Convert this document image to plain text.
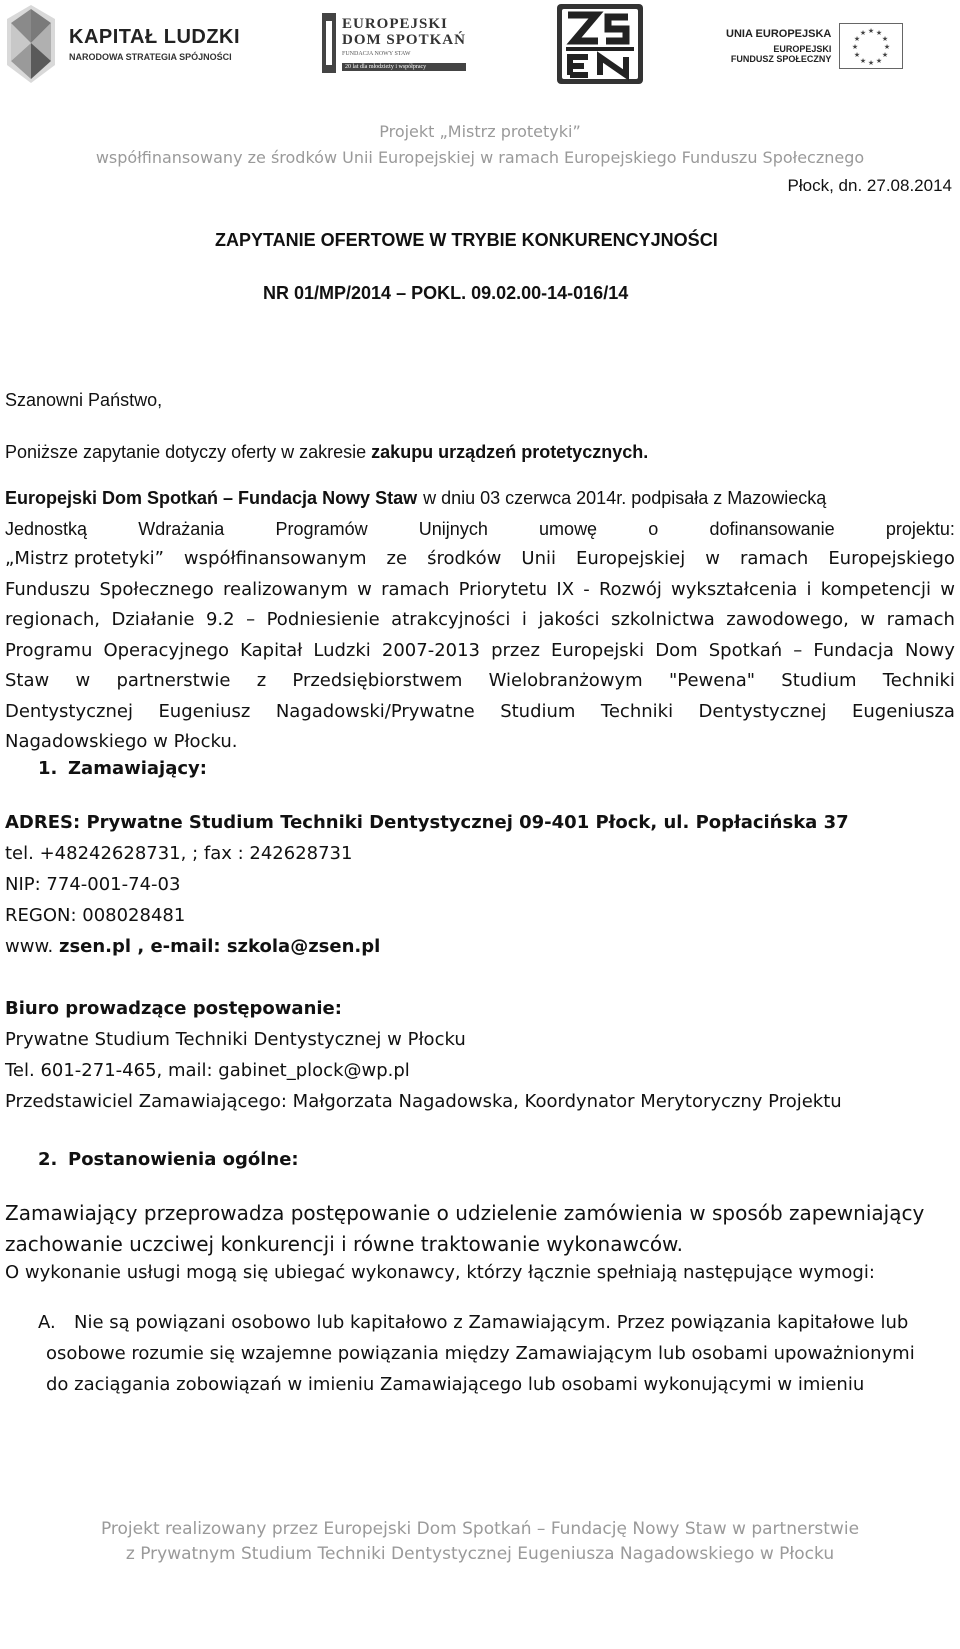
KAPITAŁ LUDZKI
NARODOWA STRATEGIA SPÓJNOŚCI
EUROPEJSKI
DOM SPOTKAŃ
FUNDACJA NOWY STAW
20 lat dla młodzieży i współpracy
UNIA EUROPEJSKA
EUROPEJSKI
FUNDUSZ SPOŁECZNY
★ ★
★
★
★
★
★
★
★
★
★
★
Projekt „Mistrz protetyki”
współfinansowany ze środków Unii Europejskiej w ramach Europejskiego Funduszu Społecznego
Płock, dn. 27.08.2014
ZAPYTANIE OFERTOWE W TRYBIE KONKURENCYJNOŚCI
NR 01/MP/2014 – POKL. 09.02.00-14-016/14
Szanowni Państwo,
Poniższe zapytanie dotyczy oferty w zakresie zakupu urządzeń protetycznych.
Europejski Dom Spotkań – Fundacja Nowy Staw w dniu 03 czerwca 2014r. podpisała z Mazowiecką
Jednostką	Wdrażania	Programów	Unijnych	umowę	o	dofinansowanie	projektu:
„Mistrz protetyki” współfinansowanym ze środków Unii Europejskiej w ramach Europejskiego
Funduszu Społecznego realizowanym w ramach Priorytetu IX - Rozwój wykształcenia i kompetencji w
regionach, Działanie 9.2 – Podniesienie atrakcyjności i jakości szkolnictwa zawodowego, w ramach
Programu Operacyjnego Kapitał Ludzki 2007-2013 przez Europejski Dom Spotkań – Fundacja Nowy
Staw w partnerstwie z Przedsiębiorstwem Wielobranżowym "Pewena" Studium Techniki
Dentystycznej Eugeniusz Nagadowski/Prywatne Studium Techniki Dentystycznej Eugeniusza
Nagadowskiego w Płocku.
1. Zamawiający:
ADRES: Prywatne Studium Techniki Dentystycznej 09-401 Płock, ul. Popłacińska 37
tel. +48242628731, ; fax : 242628731
NIP: 774-001-74-03
REGON: 008028481
www. zsen.pl , e-mail: szkola@zsen.pl
Biuro prowadzące postępowanie:
Prywatne Studium Techniki Dentystycznej w Płocku
Tel. 601-271-465, mail: gabinet_plock@wp.pl
Przedstawiciel Zamawiającego: Małgorzata Nagadowska, Koordynator Merytoryczny Projektu
2. Postanowienia ogólne:
Zamawiający przeprowadza postępowanie o udzielenie zamówienia w sposób zapewniający
zachowanie uczciwej konkurencji i równe traktowanie wykonawców.
O wykonanie usługi mogą się ubiegać wykonawcy, którzy łącznie spełniają następujące wymogi:
A. Nie są powiązani osobowo lub kapitałowo z Zamawiającym. Przez powiązania kapitałowe lub
osobowe rozumie się wzajemne powiązania między Zamawiającym lub osobami upoważnionymi
do zaciągania zobowiązań w imieniu Zamawiającego lub osobami wykonującymi w imieniu
Projekt realizowany przez Europejski Dom Spotkań – Fundację Nowy Staw w partnerstwie
z Prywatnym Studium Techniki Dentystycznej Eugeniusza Nagadowskiego w Płocku
